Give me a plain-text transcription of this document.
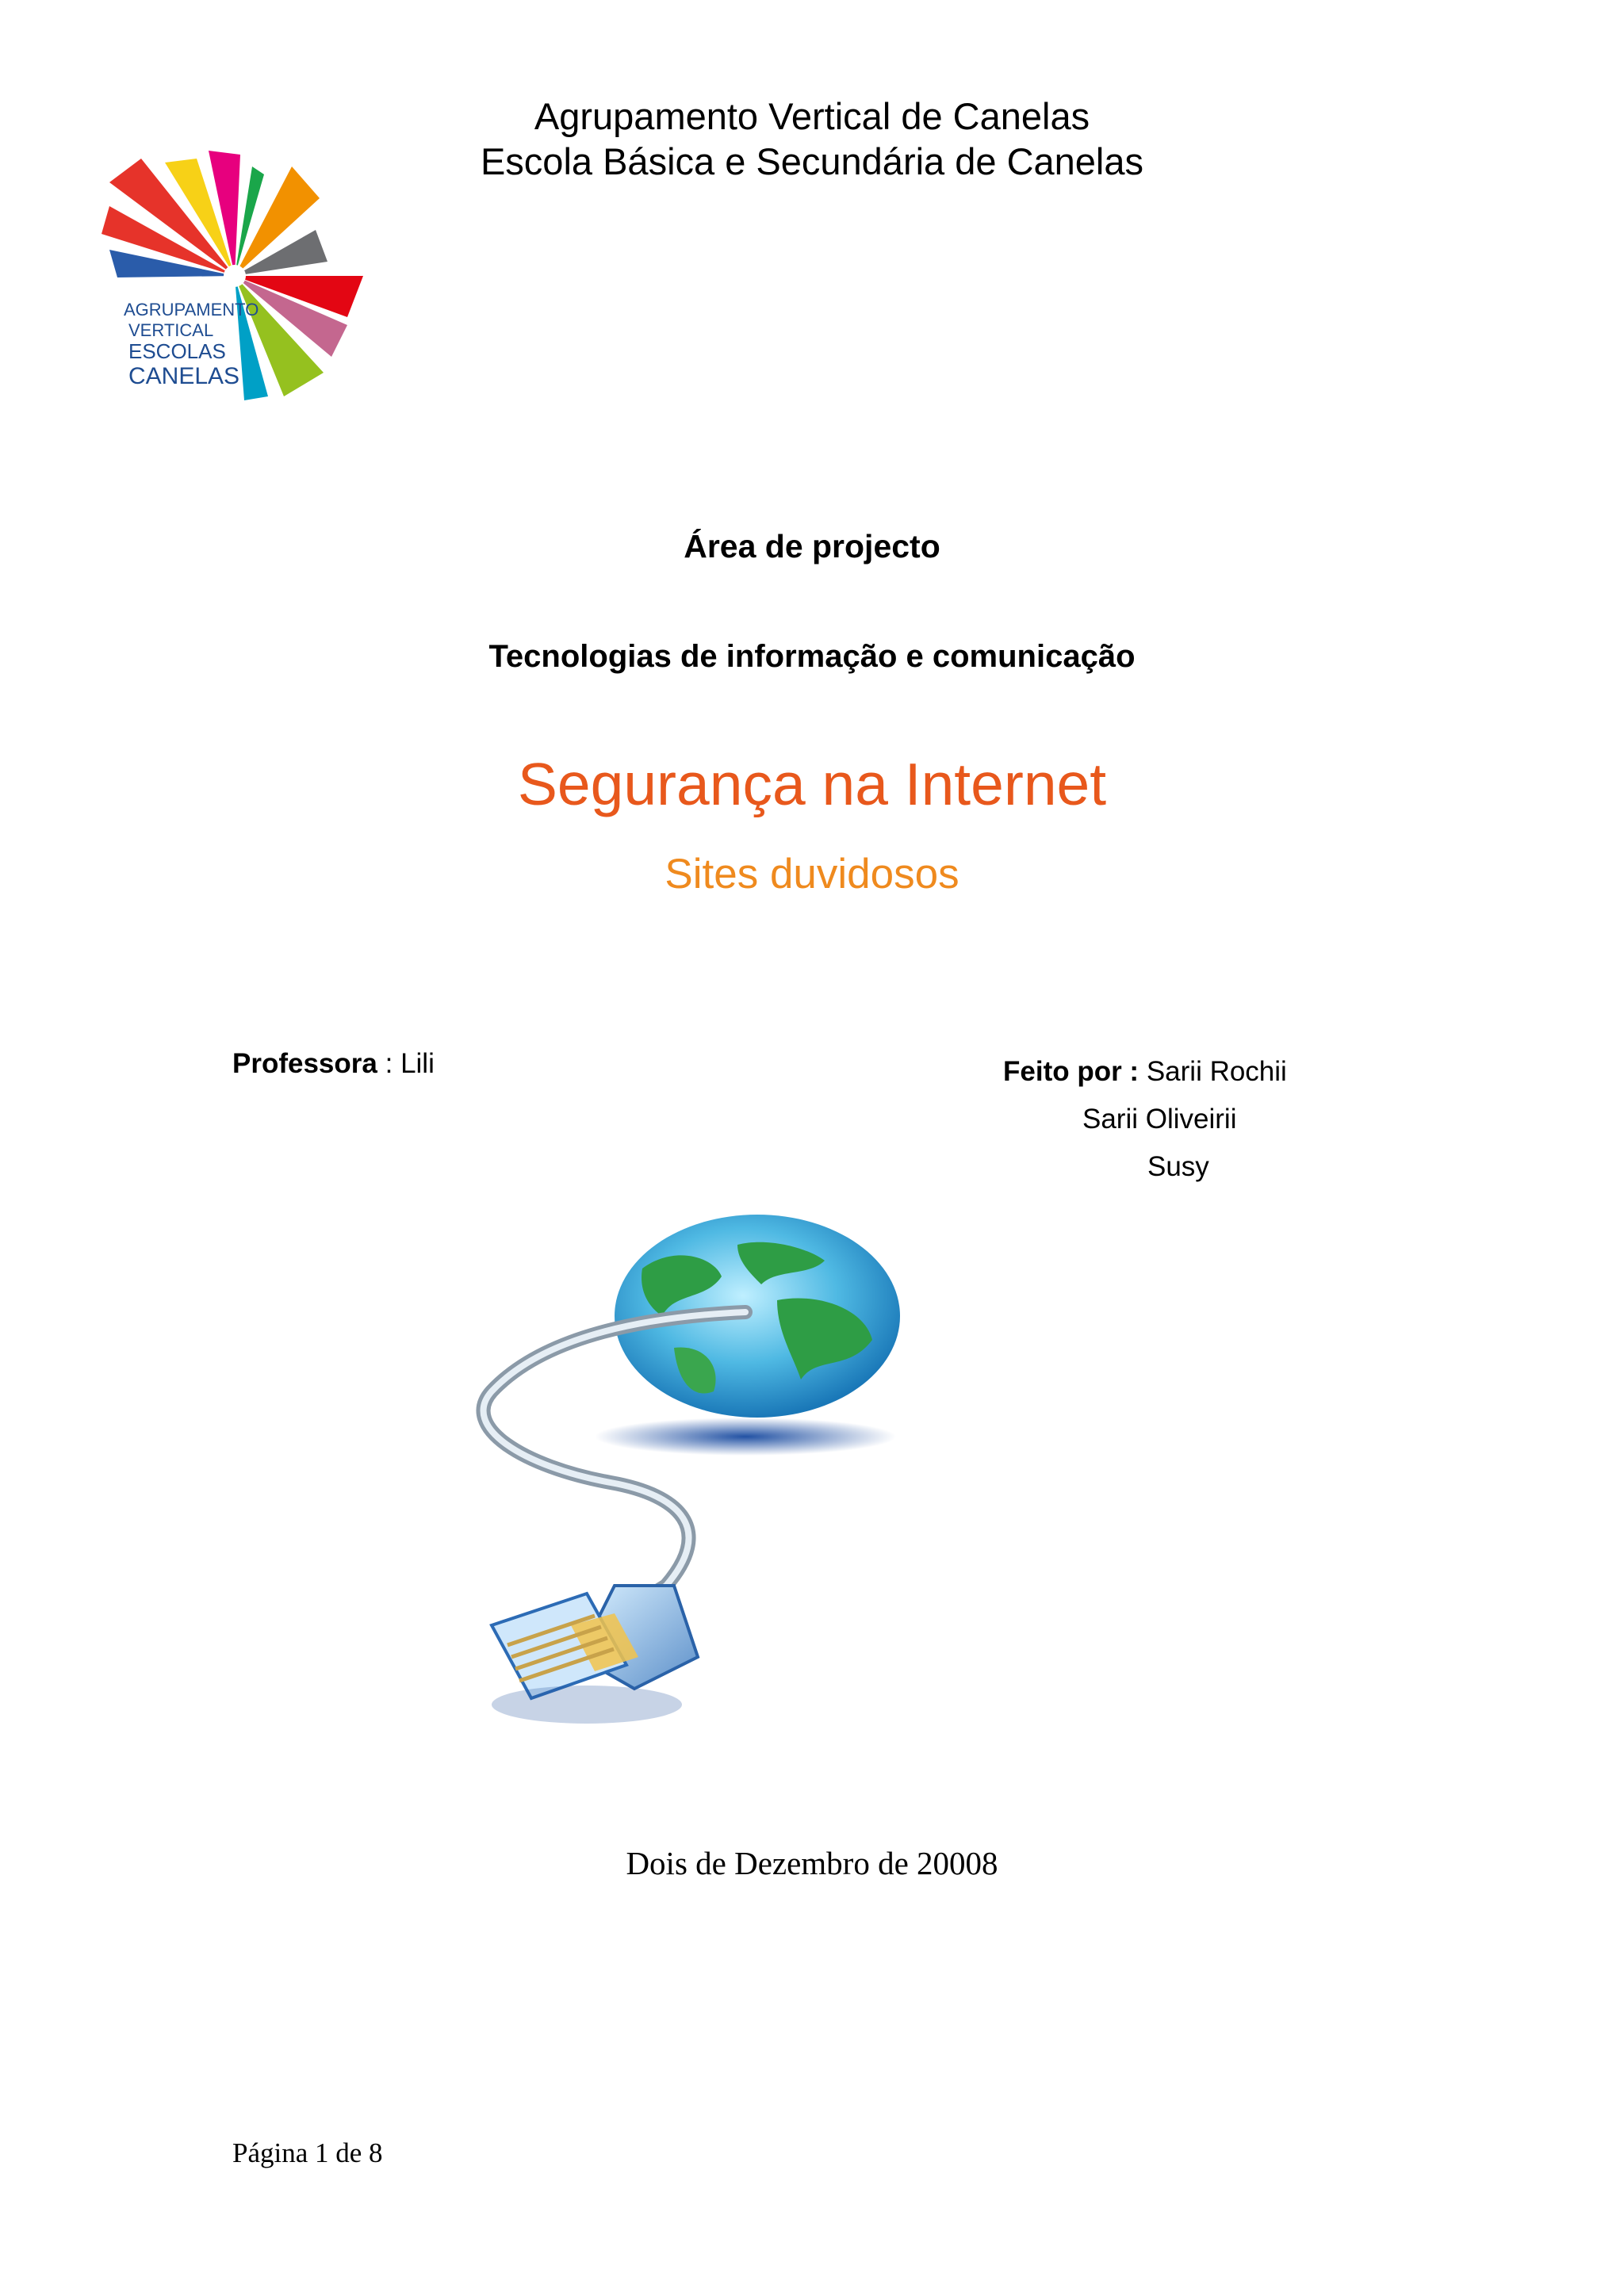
Agrupamento Vertical de Canelas
Escola Básica e Secundária de Canelas
AGRUPAMENTO
VERTICAL
ESCOLAS
CANELAS
Área de projecto
Tecnologias de informação e comunicação
Segurança na Internet
Sites duvidosos
Professora : Lili	Feito por : Sarii Rochii
Sarii Oliveirii
Susy
Dois de Dezembro de 20008
Página 1 de 8
